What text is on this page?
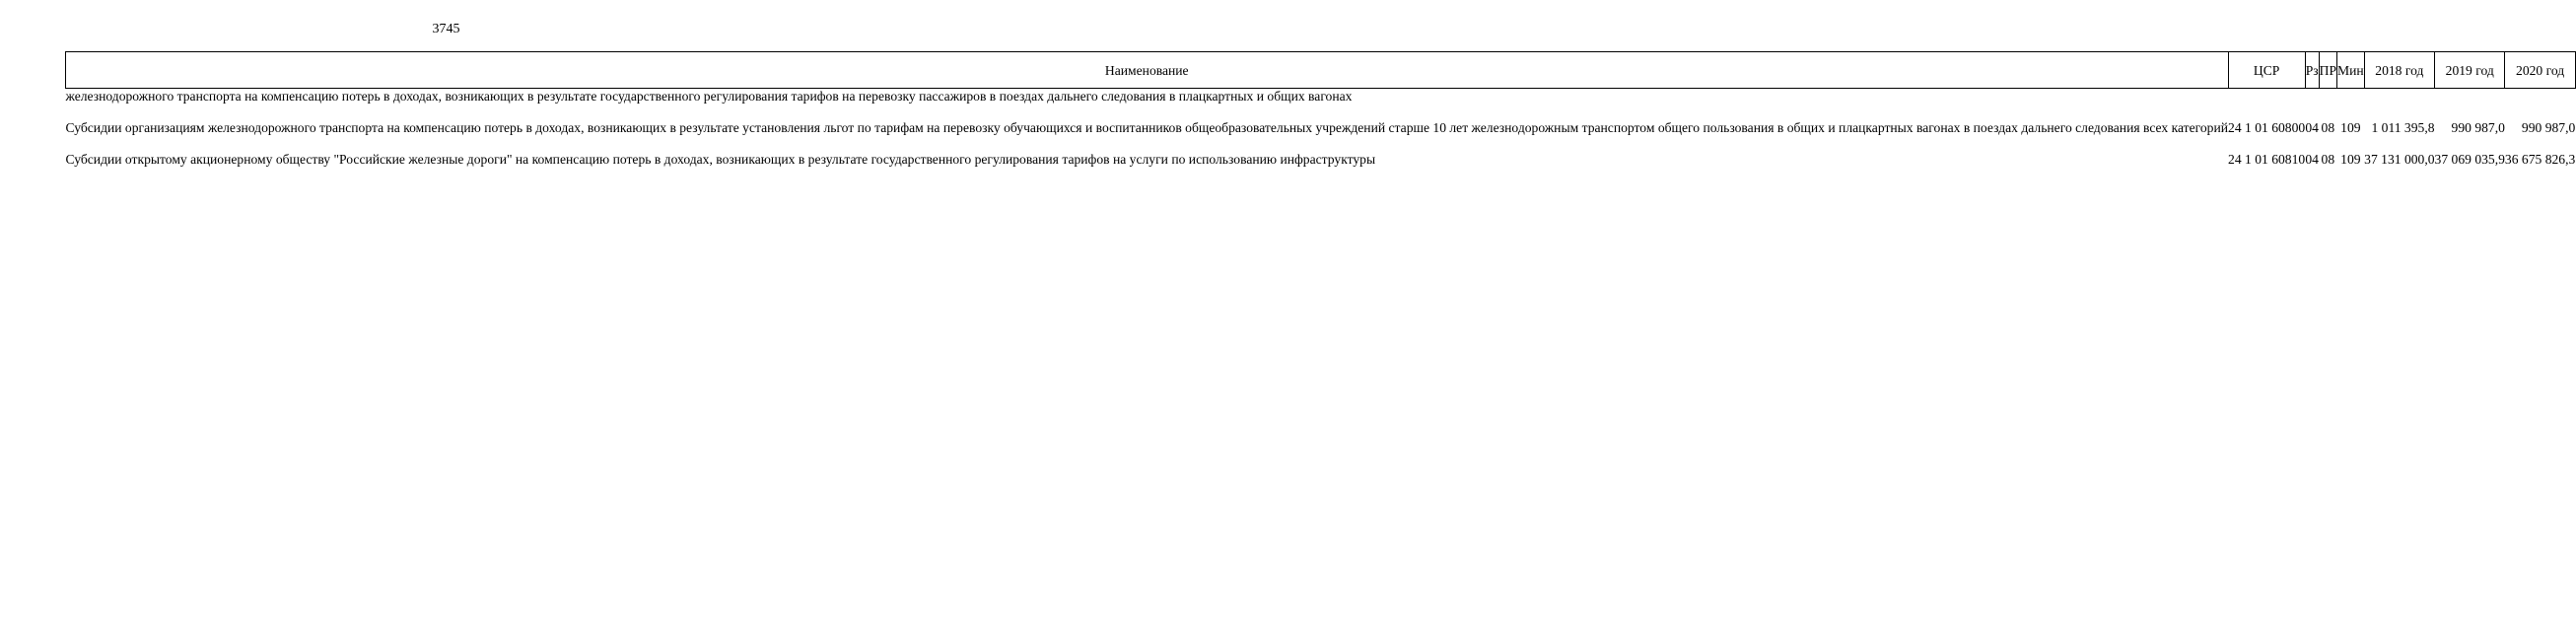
3745
Наименование	ЦСР	Рз	ПР	Мин	2018 год	2019 год	2020 год

железнодорожного транспорта на компенсацию потерь в доходах, возникающих в результате государственного регулирования тарифов на перевозку пассажиров в поездах дальнего следования в плацкартных и общих вагонах							

Субсидии организациям железнодорожного транспорта на компенсацию потерь в доходах, возникающих в результате установления льгот по тарифам на перевозку обучающихся и воспитанников общеобразовательных учреждений старше 10 лет железнодорожным транспортом общего пользования в общих и плацкартных вагонах в поездах дальнего следования всех категорий	24 1 01 60800	04	08	109	1 011 395,8	990 987,0	990 987,0

Субсидии открытому акционерному обществу "Российские железные дороги" на компенсацию потерь в доходах, возникающих в результате государственного регулирования тарифов на услуги по использованию инфраструктуры	24 1 01 60810	04	08	109	37 131 000,0	37 069 035,9	36 675 826,3
